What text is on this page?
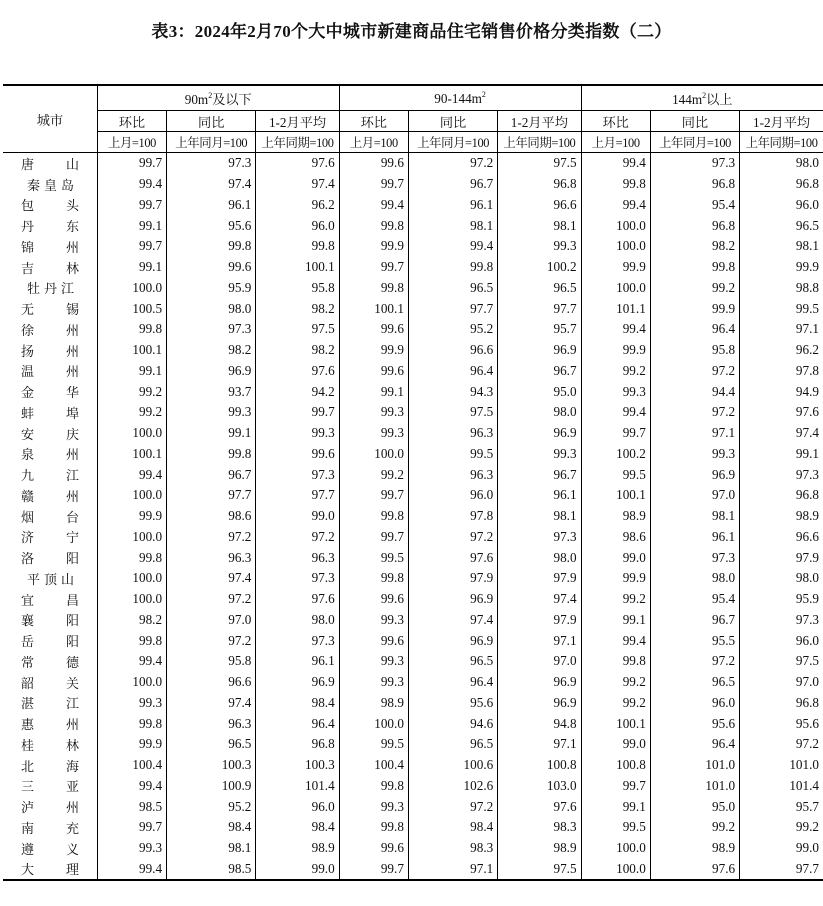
表3：2024年2月70个大中城市新建商品住宅销售价格分类指数（二）
城市	$90m^2$及以下			$90-144m^2$			$144m^2$以上		
	环比	同比	1-2月平均	环比	同比	1-2月平均	环比	同比	1-2月平均
	上月=100	上年同月=100	上年同期=100	上月=100	上年同月=100	上年同期=100	上月=100	上年同月=100	上年同期=100
唐山	99.7	97.3	97.6	99.6	97.2	97.5	99.4	97.3	98.0
秦皇岛	99.4	97.4	97.4	99.7	96.7	96.8	99.8	96.8	96.8
包头	99.7	96.1	96.2	99.4	96.1	96.6	99.4	95.4	96.0
丹东	99.1	95.6	96.0	99.8	98.1	98.1	100.0	96.8	96.5
锦州	99.7	99.8	99.8	99.9	99.4	99.3	100.0	98.2	98.1
吉林	99.1	99.6	100.1	99.7	99.8	100.2	99.9	99.8	99.9
牡丹江	100.0	95.9	95.8	99.8	96.5	96.5	100.0	99.2	98.8
无锡	100.5	98.0	98.2	100.1	97.7	97.7	101.1	99.9	99.5
徐州	99.8	97.3	97.5	99.6	95.2	95.7	99.4	96.4	97.1
扬州	100.1	98.2	98.2	99.9	96.6	96.9	99.9	95.8	96.2
温州	99.1	96.9	97.6	99.6	96.4	96.7	99.2	97.2	97.8
金华	99.2	93.7	94.2	99.1	94.3	95.0	99.3	94.4	94.9
蚌埠	99.2	99.3	99.7	99.3	97.5	98.0	99.4	97.2	97.6
安庆	100.0	99.1	99.3	99.3	96.3	96.9	99.7	97.1	97.4
泉州	100.1	99.8	99.6	100.0	99.5	99.3	100.2	99.3	99.1
九江	99.4	96.7	97.3	99.2	96.3	96.7	99.5	96.9	97.3
赣州	100.0	97.7	97.7	99.7	96.0	96.1	100.1	97.0	96.8
烟台	99.9	98.6	99.0	99.8	97.8	98.1	98.9	98.1	98.9
济宁	100.0	97.2	97.2	99.7	97.2	97.3	98.6	96.1	96.6
洛阳	99.8	96.3	96.3	99.5	97.6	98.0	99.0	97.3	97.9
平顶山	100.0	97.4	97.3	99.8	97.9	97.9	99.9	98.0	98.0
宜昌	100.0	97.2	97.6	99.6	96.9	97.4	99.2	95.4	95.9
襄阳	98.2	97.0	98.0	99.3	97.4	97.9	99.1	96.7	97.3
岳阳	99.8	97.2	97.3	99.6	96.9	97.1	99.4	95.5	96.0
常德	99.4	95.8	96.1	99.3	96.5	97.0	99.8	97.2	97.5
韶关	100.0	96.6	96.9	99.3	96.4	96.9	99.2	96.5	97.0
湛江	99.3	97.4	98.4	98.9	95.6	96.9	99.2	96.0	96.8
惠州	99.8	96.3	96.4	100.0	94.6	94.8	100.1	95.6	95.6
桂林	99.9	96.5	96.8	99.5	96.5	97.1	99.0	96.4	97.2
北海	100.4	100.3	100.3	100.4	100.6	100.8	100.8	101.0	101.0
三亚	99.4	100.9	101.4	99.8	102.6	103.0	99.7	101.0	101.4
泸州	98.5	95.2	96.0	99.3	97.2	97.6	99.1	95.0	95.7
南充	99.7	98.4	98.4	99.8	98.4	98.3	99.5	99.2	99.2
遵义	99.3	98.1	98.9	99.6	98.3	98.9	100.0	98.9	99.0
大理	99.4	98.5	99.0	99.7	97.1	97.5	100.0	97.6	97.7
